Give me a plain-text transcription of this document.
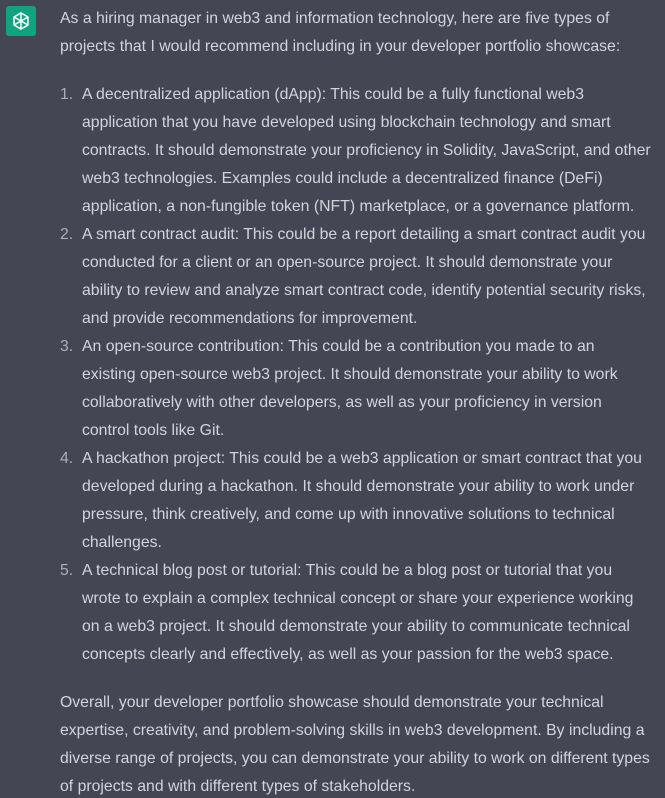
As a hiring manager in web3 and information technology, here are five types of projects that I would recommend including in your developer portfolio showcase:

1. A decentralized application (dApp): This could be a fully functional web3 application that you have developed using blockchain technology and smart contracts. It should demonstrate your proficiency in Solidity, JavaScript, and other web3 technologies. Examples could include a decentralized finance (DeFi) application, a non-fungible token (NFT) marketplace, or a governance platform.
2. A smart contract audit: This could be a report detailing a smart contract audit you conducted for a client or an open-source project. It should demonstrate your ability to review and analyze smart contract code, identify potential security risks, and provide recommendations for improvement.
3. An open-source contribution: This could be a contribution you made to an existing open-source web3 project. It should demonstrate your ability to work collaboratively with other developers, as well as your proficiency in version control tools like Git.
4. A hackathon project: This could be a web3 application or smart contract that you developed during a hackathon. It should demonstrate your ability to work under pressure, think creatively, and come up with innovative solutions to technical challenges.
5. A technical blog post or tutorial: This could be a blog post or tutorial that you wrote to explain a complex technical concept or share your experience working on a web3 project. It should demonstrate your ability to communicate technical concepts clearly and effectively, as well as your passion for the web3 space.

Overall, your developer portfolio showcase should demonstrate your technical expertise, creativity, and problem-solving skills in web3 development. By including a diverse range of projects, you can demonstrate your ability to work on different types of projects and with different types of stakeholders.
